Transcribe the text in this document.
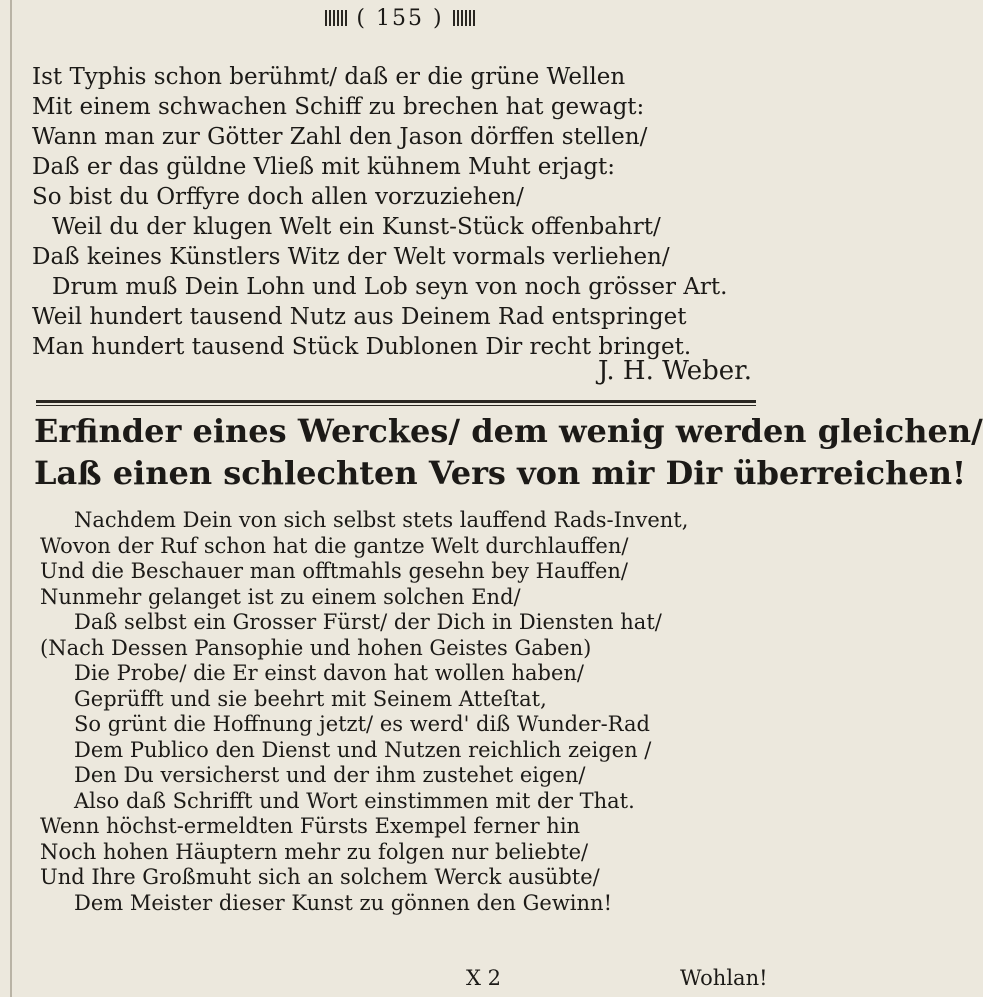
( 155 )
Ist Typhis schon berühmt/ daß er die grüne Wellen
Mit einem schwachen Schiff zu brechen hat gewagt:
Wann man zur Götter Zahl den Jason dörffen stellen/
Daß er das güldne Vließ mit kühnem Muht erjagt:
So bist du Orffyre doch allen vorzuziehen/
Weil du der klugen Welt ein Kunst-Stück offenbahrt/
Daß keines Künstlers Witz der Welt vormals verliehen/
Drum muß Dein Lohn und Lob seyn von noch grösser Art.
Weil hundert tausend Nutz aus Deinem Rad entspringet
Man hundert tausend Stück Dublonen Dir recht bringet.
J. H. Weber.
Erfinder eines Werckes/ dem wenig werden gleichen/
Laß einen schlechten Vers von mir Dir überreichen!
Nachdem Dein von sich selbst stets lauffend Rads-Invent,
Wovon der Ruf schon hat die gantze Welt durchlauffen/
Und die Beschauer man offtmahls gesehn bey Hauffen/
Nunmehr gelanget ist zu einem solchen End/
Daß selbst ein Grosser Fürst/ der Dich in Diensten hat/
(Nach Dessen Pansophie und hohen Geistes Gaben)
Die Probe/ die Er einst davon hat wollen haben/
Geprüfft und sie beehrt mit Seinem Atteſtat,
So grünt die Hoffnung jetzt/ es werd' diß Wunder-Rad
Dem Publico den Dienst und Nutzen reichlich zeigen /
Den Du versicherst und der ihm zustehet eigen/
Also daß Schrifft und Wort einstimmen mit der That.
Wenn höchst-ermeldten Fürsts Exempel ferner hin
Noch hohen Häuptern mehr zu folgen nur beliebte/
Und Ihre Großmuht sich an solchem Werck ausübte/
Dem Meister dieser Kunst zu gönnen den Gewinn!
X 2	Wohlan!
